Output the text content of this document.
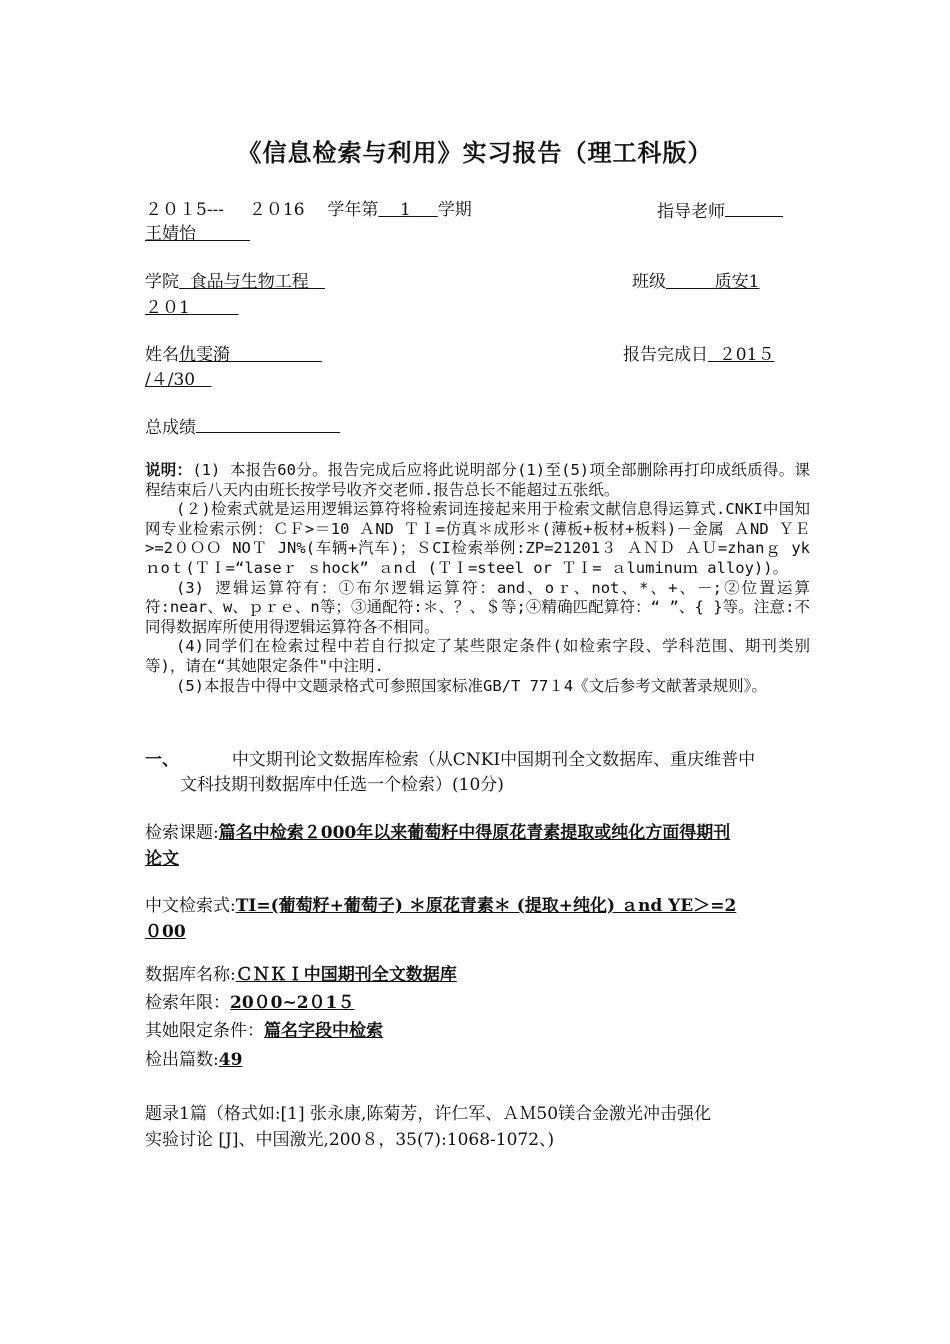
《信息检索与利用》实习报告（理工科版）
２０１5--- ２０16 学年第 1 学期	指导老师
王婧怡
学院 食品与生物工程	班级	质安1
２０1
姓名仇雯漪	报告完成日 ２01５
/４/30
总成绩

说明：(1) 本报告60分。报告完成后应将此说明部分(1)至(5)项全部删除再打印成纸质得。课程结束后八天内由班长按学号收齐交老师.报告总长不能超过五张纸。

(２)检索式就是运用逻辑运算符将检索词连接起来用于检索文献信息得运算式.CNKI中国知网专业检索示例：ＣＦ>＝10 ＡND ＴＩ=仿真＊成形＊(薄板+板材+板料)－金属 ＡND ＹＥ>=2０ＯＯ NOＴ JN%(车辆+汽车)；ＳCI检索举例:ZP=21201３ ＡＮＤ ＡＵ=zhanｇ yk ｎoｔ(ＴＩ=“laseｒ ｓhock” ａnｄ (ＴＩ=steel or ＴＩ= ａluminuｍ alloy))。

(3) 逻辑运算符有：①布尔逻辑运算符：and、oｒ、not、*、+、－;②位置运算符:near、w、ｐｒｅ、n等；③通配符:＊、？、＄等;④精确匹配算符：“ ”、{ }等。注意:不同得数据库所使用得逻辑运算符各不相同。

(4)同学们在检索过程中若自行拟定了某些限定条件(如检索字段、学科范围、期刊类别等)，请在“其她限定条件"中注明.

(5)本报告中得中文题录格式可参照国家标准GB/T 77１4《文后参考文献著录规则》。

一、	中文期刊论文数据库检索（从CNKI中国期刊全文数据库、重庆维普中
文科技期刊数据库中任选一个检索）(10分)
检索课题:篇名中检索２000年以来葡萄籽中得原花青素提取或纯化方面得期刊
论文
中文检索式:TI=(葡萄籽+葡萄子) ＊原花青素＊ (提取+纯化) ａnd YE＞=2
０00
数据库名称:ＣＮＫＩ中国期刊全文数据库
检索年限：20０0~2０1５
其她限定条件：篇名字段中检索
检出篇数:49
题录1篇（格式如:[1] 张永康,陈菊芳，许仁军、ＡＭ50镁合金激光冲击强化
实验讨论 [J]、中国激光,200８，35(7):1068-1072、)
